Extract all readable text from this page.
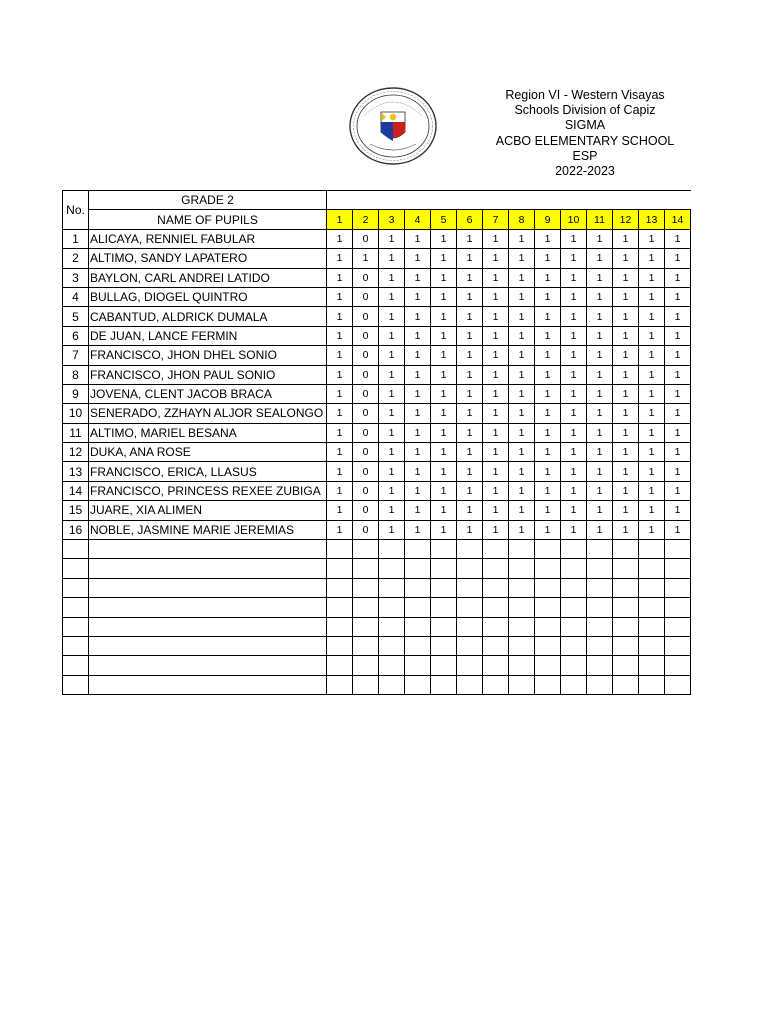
Region VI - Western Visayas
Schools Division of Capiz
SIGMA
ACBO ELEMENTARY SCHOOL
ESP
2022-2023
No.	GRADE 2														
	NAME OF PUPILS	1	2	3	4	5	6	7	8	9	10	11	12	13	14
1	ALICAYA, RENNIEL FABULAR	1	0	1	1	1	1	1	1	1	1	1	1	1	1
2	ALTIMO, SANDY LAPATERO	1	1	1	1	1	1	1	1	1	1	1	1	1	1
3	BAYLON, CARL ANDREI LATIDO	1	0	1	1	1	1	1	1	1	1	1	1	1	1
4	BULLAG, DIOGEL QUINTRO	1	0	1	1	1	1	1	1	1	1	1	1	1	1
5	CABANTUD, ALDRICK DUMALA	1	0	1	1	1	1	1	1	1	1	1	1	1	1
6	DE JUAN, LANCE FERMIN	1	0	1	1	1	1	1	1	1	1	1	1	1	1
7	FRANCISCO, JHON DHEL SONIO	1	0	1	1	1	1	1	1	1	1	1	1	1	1
8	FRANCISCO, JHON PAUL SONIO	1	0	1	1	1	1	1	1	1	1	1	1	1	1
9	JOVENA, CLENT JACOB BRACA	1	0	1	1	1	1	1	1	1	1	1	1	1	1
10	SENERADO, ZZHAYN ALJOR SEALONGO	1	0	1	1	1	1	1	1	1	1	1	1	1	1
11	ALTIMO, MARIEL BESANA	1	0	1	1	1	1	1	1	1	1	1	1	1	1
12	DUKA, ANA ROSE	1	0	1	1	1	1	1	1	1	1	1	1	1	1
13	FRANCISCO, ERICA, LLASUS	1	0	1	1	1	1	1	1	1	1	1	1	1	1
14	FRANCISCO, PRINCESS REXEE ZUBIGA	1	0	1	1	1	1	1	1	1	1	1	1	1	1
15	JUARE, XIA ALIMEN	1	0	1	1	1	1	1	1	1	1	1	1	1	1
16	NOBLE, JASMINE MARIE JEREMIAS	1	0	1	1	1	1	1	1	1	1	1	1	1	1
